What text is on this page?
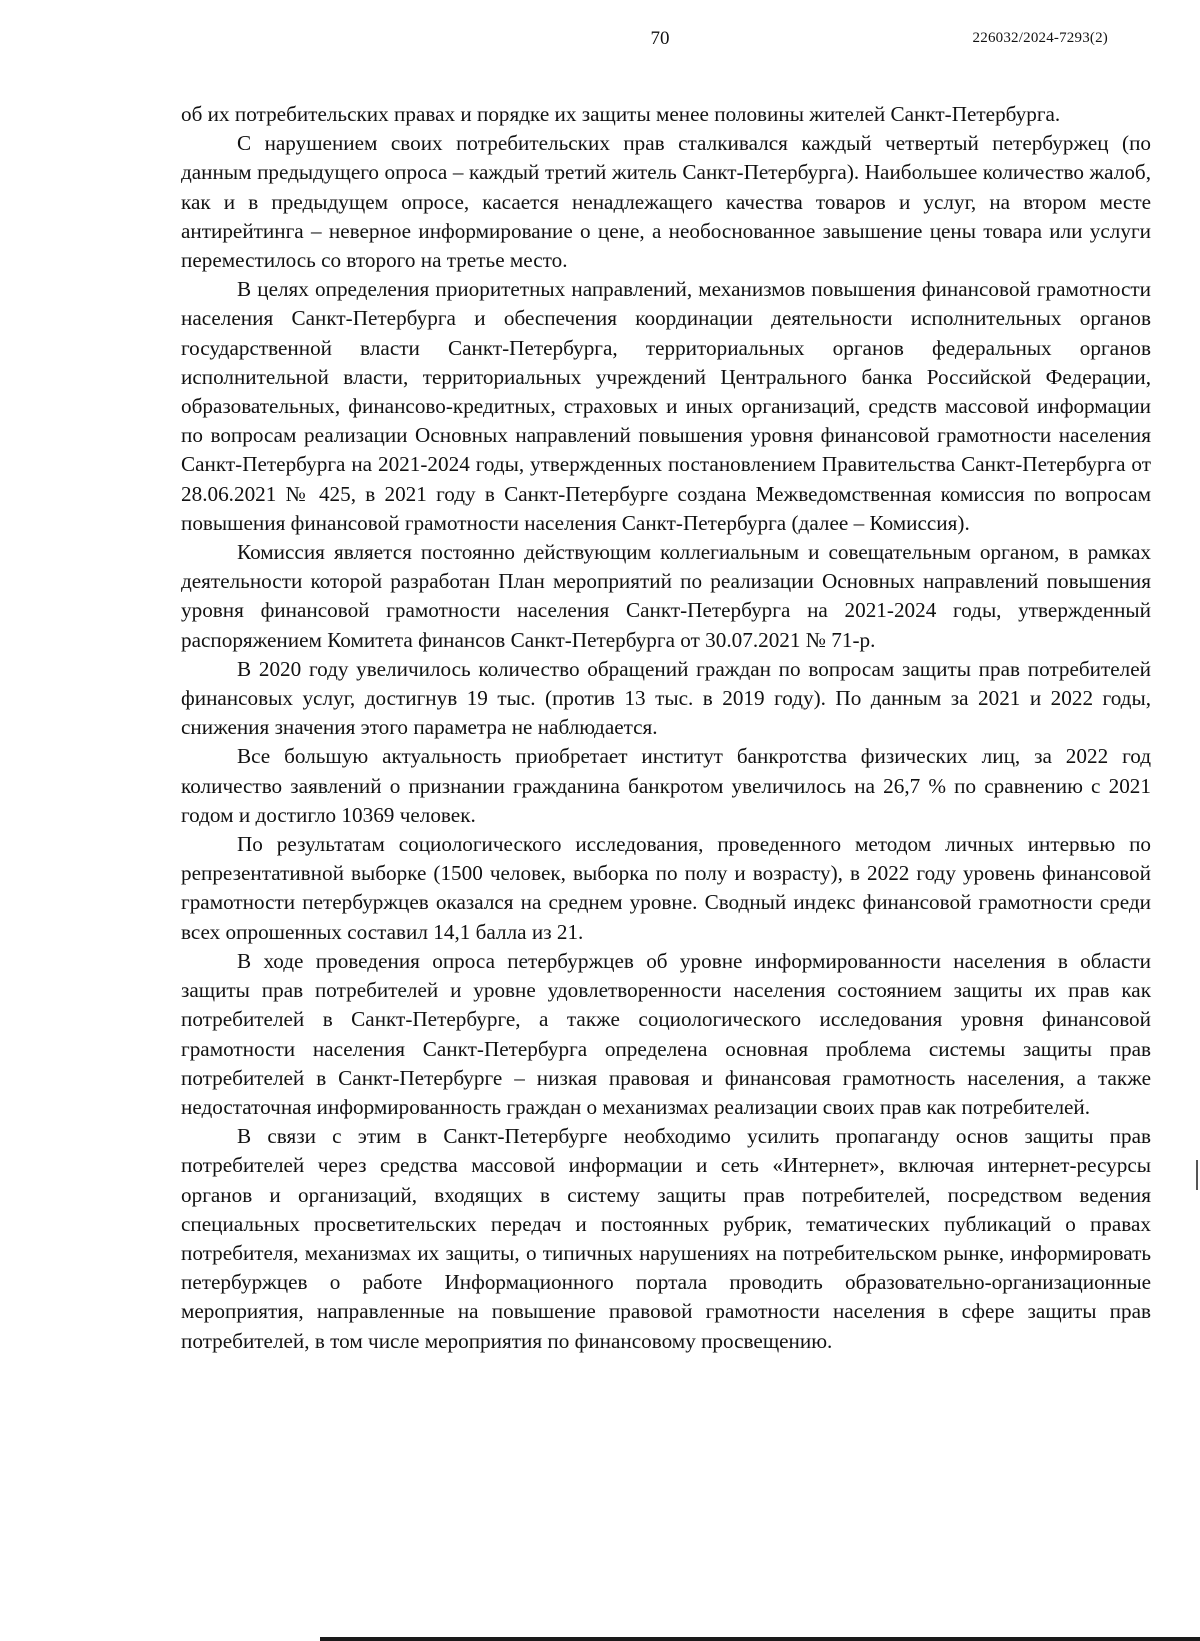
70	226032/2024-7293(2)

об их потребительских правах и порядке их защиты менее половины жителей Санкт-Петербурга.

С нарушением своих потребительских прав сталкивался каждый четвертый петербуржец (по данным предыдущего опроса – каждый третий житель Санкт-Петербурга). Наибольшее количество жалоб, как и в предыдущем опросе, касается ненадлежащего качества товаров и услуг, на втором месте антирейтинга – неверное информирование о цене, а необоснованное завышение цены товара или услуги переместилось со второго на третье место.

В целях определения приоритетных направлений, механизмов повышения финансовой грамотности населения Санкт-Петербурга и обеспечения координации деятельности исполнительных органов государственной власти Санкт-Петербурга, территориальных органов федеральных органов исполнительной власти, территориальных учреждений Центрального банка Российской Федерации, образовательных, финансово-кредитных, страховых и иных организаций, средств массовой информации по вопросам реализации Основных направлений повышения уровня финансовой грамотности населения Санкт-Петербурга на 2021-2024 годы, утвержденных постановлением Правительства Санкт-Петербурга от 28.06.2021 № 425, в 2021 году в Санкт-Петербурге создана Межведомственная комиссия по вопросам повышения финансовой грамотности населения Санкт-Петербурга (далее – Комиссия).

Комиссия является постоянно действующим коллегиальным и совещательным органом, в рамках деятельности которой разработан План мероприятий по реализации Основных направлений повышения уровня финансовой грамотности населения Санкт-Петербурга на 2021-2024 годы, утвержденный распоряжением Комитета финансов Санкт-Петербурга от 30.07.2021 № 71-р.

В 2020 году увеличилось количество обращений граждан по вопросам защиты прав потребителей финансовых услуг, достигнув 19 тыс. (против 13 тыс. в 2019 году). По данным за 2021 и 2022 годы, снижения значения этого параметра не наблюдается.

Все большую актуальность приобретает институт банкротства физических лиц, за 2022 год количество заявлений о признании гражданина банкротом увеличилось на 26,7 % по сравнению с 2021 годом и достигло 10369 человек.

По результатам социологического исследования, проведенного методом личных интервью по репрезентативной выборке (1500 человек, выборка по полу и возрасту), в 2022 году уровень финансовой грамотности петербуржцев оказался на среднем уровне. Сводный индекс финансовой грамотности среди всех опрошенных составил 14,1 балла из 21.

В ходе проведения опроса петербуржцев об уровне информированности населения в области защиты прав потребителей и уровне удовлетворенности населения состоянием защиты их прав как потребителей в Санкт-Петербурге, а также социологического исследования уровня финансовой грамотности населения Санкт-Петербурга определена основная проблема системы защиты прав потребителей в Санкт-Петербурге – низкая правовая и финансовая грамотность населения, а также недостаточная информированность граждан о механизмах реализации своих прав как потребителей.

В связи с этим в Санкт-Петербурге необходимо усилить пропаганду основ защиты прав потребителей через средства массовой информации и сеть «Интернет», включая интернет-ресурсы органов и организаций, входящих в систему защиты прав потребителей, посредством ведения специальных просветительских передач и постоянных рубрик, тематических публикаций о правах потребителя, механизмах их защиты, о типичных нарушениях на потребительском рынке, информировать петербуржцев о работе Информационного портала проводить образовательно-организационные мероприятия, направленные на повышение правовой грамотности населения в сфере защиты прав потребителей, в том числе мероприятия по финансовому просвещению.
